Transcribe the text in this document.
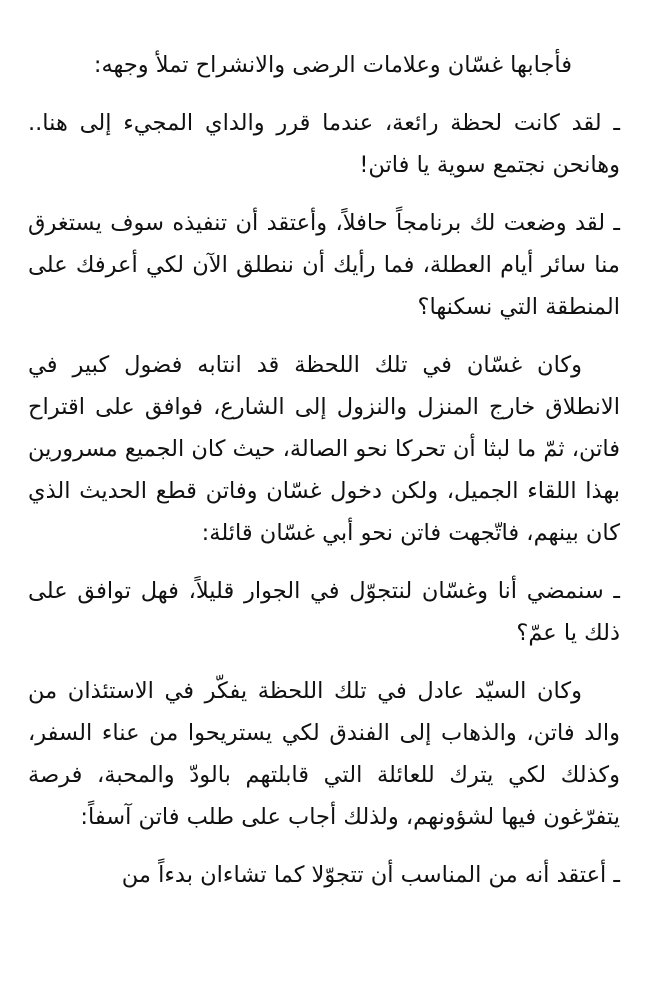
فأجابها غسّان وعلامات الرضى والانشراح تملأ وجهه:

ـ لقد كانت لحظة رائعة، عندما قرر والداي المجيء إلى هنا.. وهانحن نجتمع سوية يا فاتن!

ـ لقد وضعت لك برنامجاً حافلاً، وأعتقد أن تنفيذه سوف يستغرق منا سائر أيام العطلة، فما رأيك أن ننطلق الآن لكي أعرفك على المنطقة التي نسكنها؟

وكان غسّان في تلك اللحظة قد انتابه فضول كبير في الانطلاق خارج المنزل والنزول إلى الشارع، فوافق على اقتراح فاتن، ثمّ ما لبثا أن تحركا نحو الصالة، حيث كان الجميع مسرورين بهذا اللقاء الجميل، ولكن دخول غسّان وفاتن قطع الحديث الذي كان بينهم، فاتّجهت فاتن نحو أبي غسّان قائلة:

ـ سنمضي أنا وغسّان لنتجوّل في الجوار قليلاً، فهل توافق على ذلك يا عمّ؟

وكان السيّد عادل في تلك اللحظة يفكّر في الاستئذان من والد فاتن، والذهاب إلى الفندق لكي يستريحوا من عناء السفر، وكذلك لكي يترك للعائلة التي قابلتهم بالودّ والمحبة، فرصة يتفرّغون فيها لشؤونهم، ولذلك أجاب على طلب فاتن آسفاً:

ـ أعتقد أنه من المناسب أن تتجوّلا كما تشاءان بدءاً من
